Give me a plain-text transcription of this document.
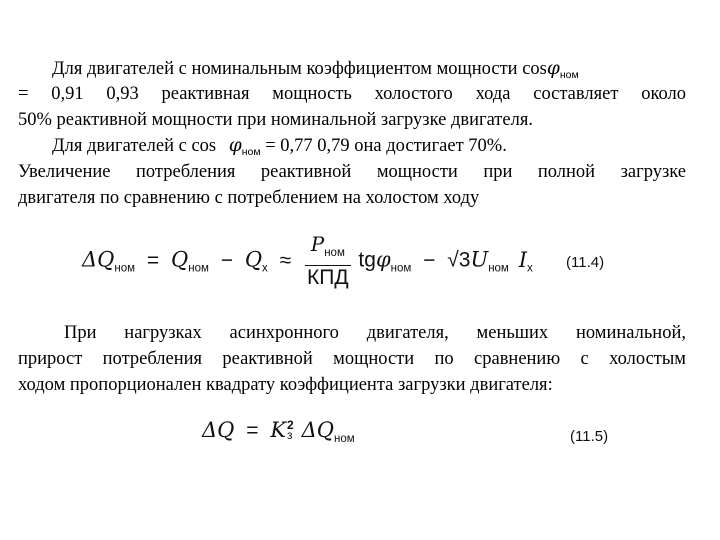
Для двигателей с номинальным коэффициентом мощности cosφ$_{ном}$
= 0,91 0,93 реактивная мощность холостого хода составляет около
50% реактивной мощности при номинальной загрузке двигателя.
Для двигателей с $\cos \varphi_{ном} = 0,77$ 0,79 она достигает 70%.
Увеличение потребления реактивной мощности при полной загрузке
двигателя по сравнению с потреблением на холостом ходу
$\Delta Q_{ном} = Q_{ном} - Q_х \approx \frac{P_{ном}}{\text{КПД}} tg\varphi_{ном} - √3U_{ном}$ $I_х$ (11.4)
При нагрузках асинхронного двигателя, меньших номинальной,
прирост потребления реактивной мощности по сравнению с холостым
ходом пропорционален квадрату коэффициента загрузки двигателя:
ΔQ = K 2
з $\Delta Q_{ном}$	(11.5)
